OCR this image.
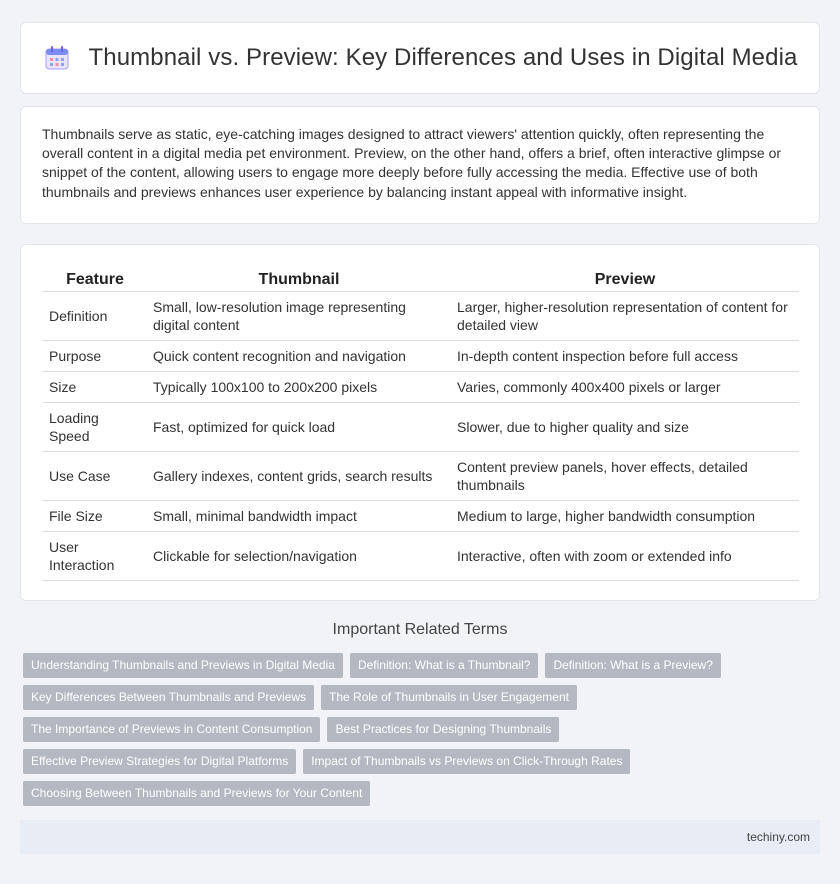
Thumbnail vs. Preview: Key Differences and Uses in Digital Media

Thumbnails serve as static, eye-catching images designed to attract viewers' attention quickly, often representing the overall content in a digital media pet environment. Preview, on the other hand, offers a brief, often interactive glimpse or snippet of the content, allowing users to engage more deeply before fully accessing the media. Effective use of both thumbnails and previews enhances user experience by balancing instant appeal with informative insight.

Feature	Thumbnail	Preview
Definition	Small, low-resolution image representing digital content	Larger, higher-resolution representation of content for detailed view
Purpose	Quick content recognition and navigation	In-depth content inspection before full access
Size	Typically 100x100 to 200x200 pixels	Varies, commonly 400x400 pixels or larger
Loading Speed	Fast, optimized for quick load	Slower, due to higher quality and size
Use Case	Gallery indexes, content grids, search results	Content preview panels, hover effects, detailed thumbnails
File Size	Small, minimal bandwidth impact	Medium to large, higher bandwidth consumption
User Interaction	Clickable for selection/navigation	Interactive, often with zoom or extended info
Important Related Terms
Understanding Thumbnails and Previews in Digital Media	Definition: What is a Thumbnail?	Definition: What is a Preview?
Key Differences Between Thumbnails and Previews	The Role of Thumbnails in User Engagement
The Importance of Previews in Content Consumption	Best Practices for Designing Thumbnails
Effective Preview Strategies for Digital Platforms	Impact of Thumbnails vs Previews on Click-Through Rates
Choosing Between Thumbnails and Previews for Your Content
techiny.com
